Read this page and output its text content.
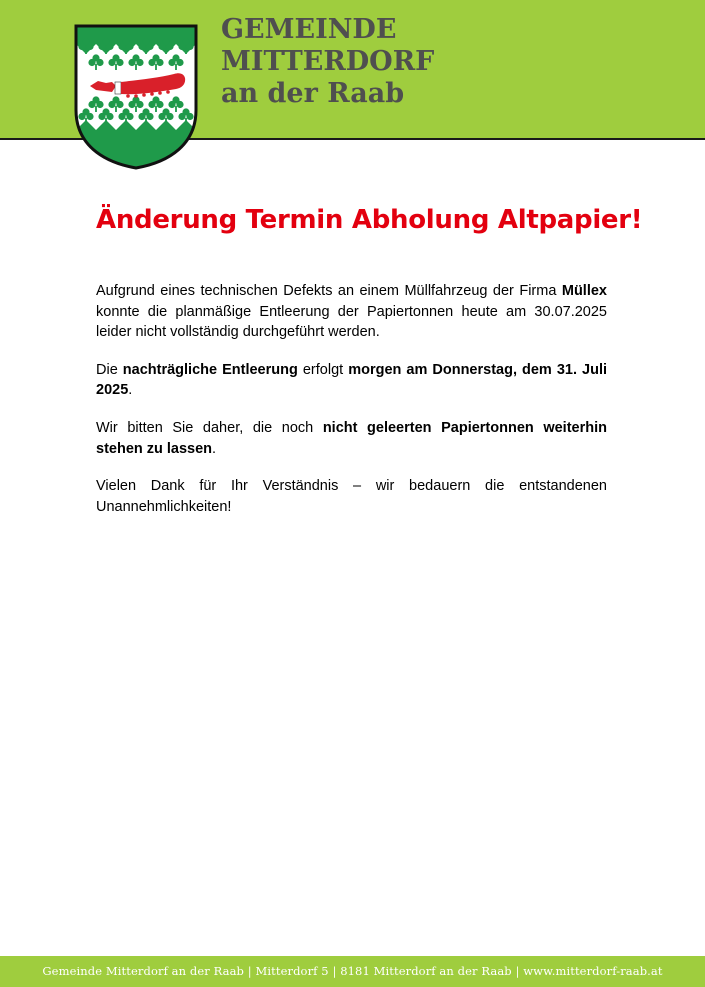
GEMEINDE
MITTERDORF
an der Raab
Änderung Termin Abholung Altpapier!

Aufgrund eines technischen Defekts an einem Müllfahrzeug der Firma Müllex konnte die planmäßige Entleerung der Papiertonnen heute am 30.07.2025 leider nicht vollständig durchgeführt werden.

Die nachträgliche Entleerung erfolgt morgen am Donnerstag, dem 31. Juli 2025.

Wir bitten Sie daher, die noch nicht geleerten Papiertonnen weiterhin stehen zu lassen.

Vielen Dank für Ihr Verständnis – wir bedauern die entstandenen Unannehmlichkeiten!

Gemeinde Mitterdorf an der Raab | Mitterdorf 5 | 8181 Mitterdorf an der Raab | www.mitterdorf-raab.at
